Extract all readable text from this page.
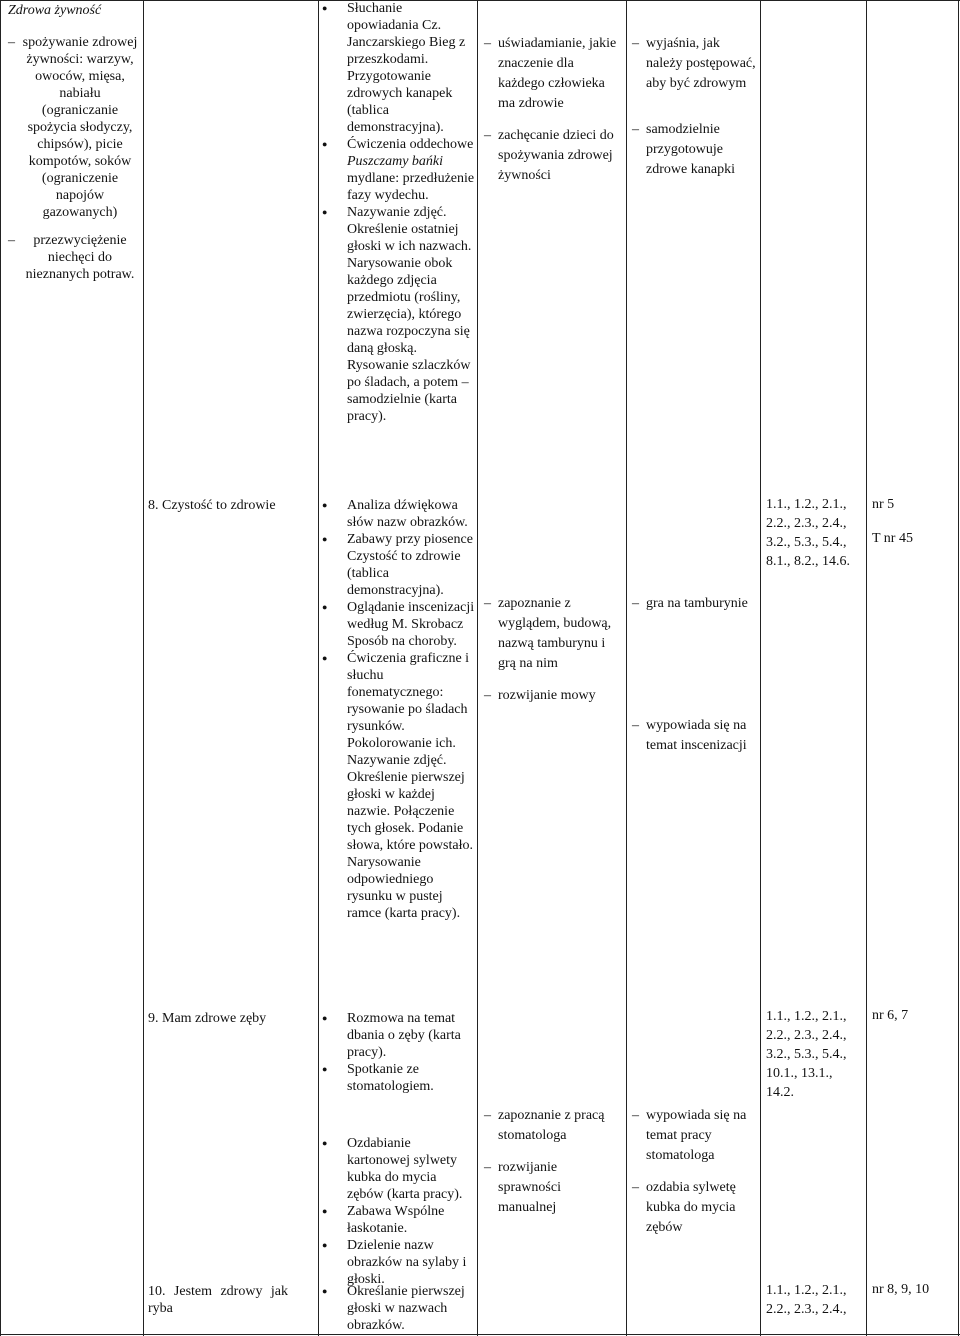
Zdrowa żywność
– spożywanie zdrowej żywności: warzyw, owoców, mięsa, nabiału (ograniczanie spożycia słodyczy, chipsów), picie kompotów, soków (ograniczenie napojów gazowanych)
– przezwyciężenie niechęci do nieznanych potraw.
● Słuchanie opowiadania Cz. Janczarskiego Bieg z przeszkodami.
Przygotowanie zdrowych kanapek (tablica demonstracyjna).
● Ćwiczenia oddechowe
Puszczamy bańki
mydlane: przedłużenie fazy wydechu.
● Nazywanie zdjęć.
Określenie ostatniej głoski w ich nazwach.
Narysowanie obok każdego zdjęcia przedmiotu (rośliny, zwierzęcia), którego nazwa rozpoczyna się daną głoską.
Rysowanie szlaczków po śladach, a potem – samodzielnie (karta pracy).
– uświadamianie, jakie znaczenie dla każdego człowieka ma zdrowie
– zachęcanie dzieci do spożywania zdrowej żywności
– wyjaśnia, jak należy postępować, aby być zdrowym
– samodzielnie przygotowuje zdrowe kanapki
8. Czystość to zdrowie	● Analiza dźwiękowa słów nazw obrazków.
● Zabawy przy piosence Czystość to zdrowie (tablica demonstracyjna).
● Oglądanie inscenizacji według M. Skrobacz Sposób na choroby.
● Ćwiczenia graficzne i słuchu fonematycznego: rysowanie po śladach rysunków. Pokolorowanie ich. Nazywanie zdjęć. Określenie pierwszej głoski w każdej nazwie. Połączenie tych głosek. Podanie słowa, które powstało. Narysowanie odpowiedniego rysunku w pustej ramce (karta pracy).
– zapoznanie z wyglądem, budową, nazwą tamburynu i grą na nim
– rozwijanie mowy
– gra na tamburynie
– wypowiada się na temat inscenizacji
1.1., 1.2., 2.1., 2.2., 2.3., 2.4., 3.2., 5.3., 5.4., 8.1., 8.2., 14.6.
nr 5
T nr 45
9. Mam zdrowe zęby	● Rozmowa na temat dbania o zęby (karta pracy).
● Spotkanie ze stomatologiem.
● Ozdabianie kartonowej sylwety kubka do mycia zębów (karta pracy).
● Zabawa Wspólne łaskotanie.
● Dzielenie nazw obrazków na sylaby i głoski.
– zapoznanie z pracą stomatologa
– rozwijanie sprawności manualnej
– wypowiada się na temat pracy stomatologa
– ozdabia sylwetę kubka do mycia zębów
1.1., 1.2., 2.1., 2.2., 2.3., 2.4., 3.2., 5.3., 5.4., 10.1., 13.1., 14.2.
nr 6, 7
10. Jestem zdrowy jak ryba
● Określanie pierwszej głoski w nazwach obrazków.
1.1., 1.2., 2.1., 2.2., 2.3., 2.4.,
nr 8, 9, 10
